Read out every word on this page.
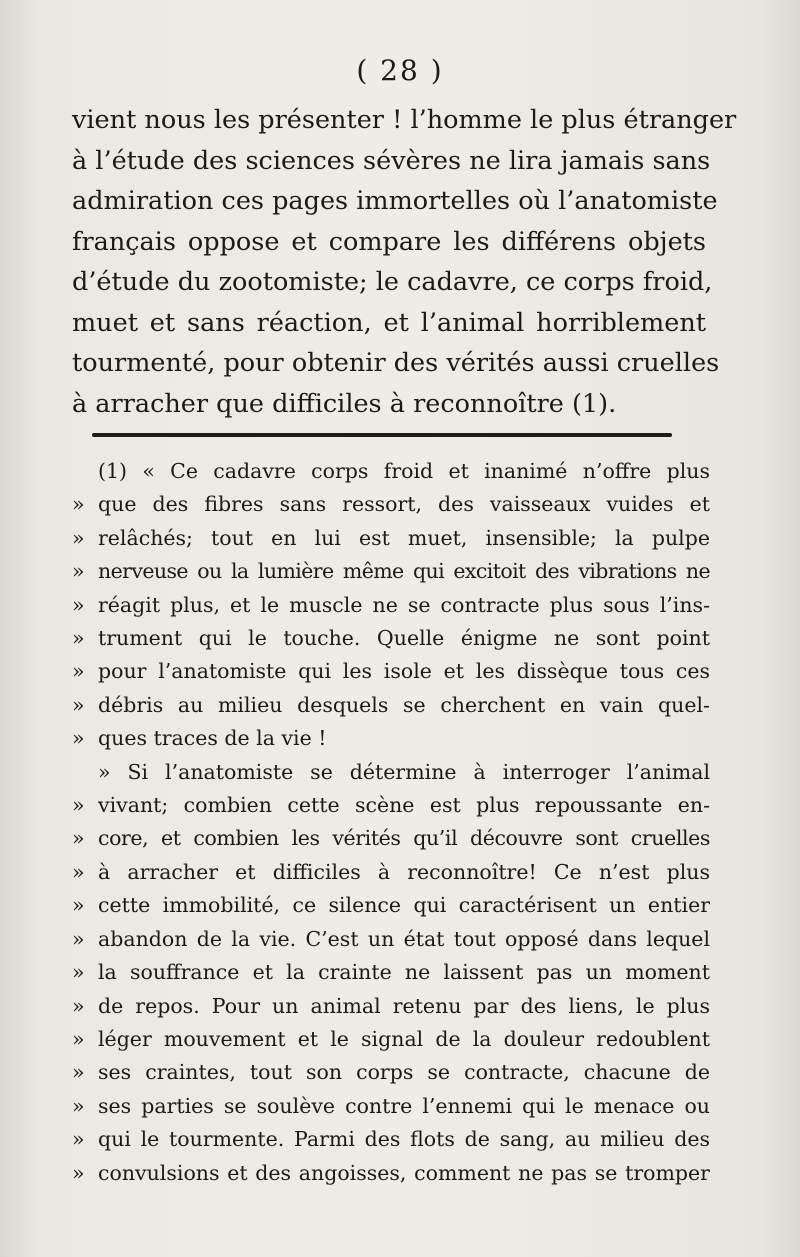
( 28 )
vient nous les présenter ! l’homme le plus étranger
à l’étude des sciences sévères ne lira jamais sans
admiration ces pages immortelles où l’anatomiste
français oppose et compare les différens objets
d’étude du zootomiste; le cadavre, ce corps froid,
muet et sans réaction, et l’animal horriblement
tourmenté, pour obtenir des vérités aussi cruelles
à arracher que difficiles à reconnoître (1).
(1) « Ce cadavre corps froid et inanimé n’offre plus
» que des fibres sans ressort, des vaisseaux vuides et
» relâchés; tout en lui est muet, insensible; la pulpe
» nerveuse ou la lumière même qui excitoit des vibrations ne
» réagit plus, et le muscle ne se contracte plus sous l’ins-
» trument qui le touche. Quelle énigme ne sont point
» pour l’anatomiste qui les isole et les dissèque tous ces
» débris au milieu desquels se cherchent en vain quel-
» ques traces de la vie !
» Si l’anatomiste se détermine à interroger l’animal
» vivant; combien cette scène est plus repoussante en-
» core, et combien les vérités qu’il découvre sont cruelles
» à arracher et difficiles à reconnoître! Ce n’est plus
» cette immobilité, ce silence qui caractérisent un entier
» abandon de la vie. C’est un état tout opposé dans lequel
» la souffrance et la crainte ne laissent pas un moment
» de repos. Pour un animal retenu par des liens, le plus
» léger mouvement et le signal de la douleur redoublent
» ses craintes, tout son corps se contracte, chacune de
» ses parties se soulève contre l’ennemi qui le menace ou
» qui le tourmente. Parmi des flots de sang, au milieu des
» convulsions et des angoisses, comment ne pas se tromper
